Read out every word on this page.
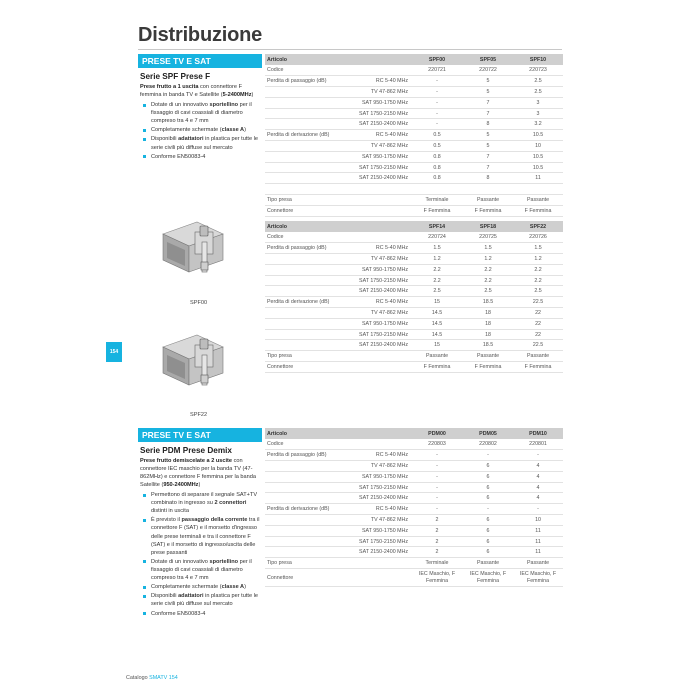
Distribuzione
154
PRESE TV E SAT
Serie SPF Prese F
Prese frutto a 1 uscita con connettore F femmina in banda TV e Satellite (5-2400MHz)
Dotate di un innovativo sportellino per il fissaggio di cavi coassiali di diametro compreso tra 4 e 7 mm
Completamente schermate (classe A)
Disponibili adattatori in plastica per tutte le serie civili più diffuse sul mercato
Conforme EN50083-4
SPF00
SPF22
PRESE TV E SAT
Serie PDM Prese Demix
Prese frutto demiscelate a 2 uscite con connettore IEC maschio per la banda TV (47-862MHz) e connettore F femmina per la banda Satellite (950-2400MHz)
Permettono di separare il segnale SAT+TV combinato in ingresso su 2 connettori distinti in uscita
È previsto il passaggio della corrente tra il connettore F (SAT) e il morsetto d'ingresso delle prese terminali e tra il connettore F (SAT) e il morsetto di ingresso/uscita delle prese passanti
Dotate di un innovativo sportellino per il fissaggio di cavi coassiali di diametro compreso tra 4 e 7 mm
Completamente schermate (classe A)
Disponibili adattatori in plastica per tutte le serie civili più diffuse sul mercato
Conforme EN50083-4
Articolo		SPF00	SPF05	SPF10
Codice		220721	220722	220723
Perdita di passaggio (dB)	RC 5-40 MHz	-	5	2.5
	TV 47-862 MHz	-	5	2.5
	SAT 950-1750 MHz	-	7	3
	SAT 1750-2150 MHz	-	7	3
	SAT 2150-2400 MHz	-	8	3.2
Perdita di derivazione (dB)	RC 5-40 MHz	0.5	5	10.5
	TV 47-862 MHz	0.5	5	10
	SAT 950-1750 MHz	0.8	7	10.5
	SAT 1750-2150 MHz	0.8	7	10.5
	SAT 2150-2400 MHz	0.8	8	11

Tipo presa		Terminale	Passante	Passante
Connettore		F Femmina	F Femmina	F Femmina
Articolo		SPF14	SPF18	SPF22
Codice		220724	220725	220726
Perdita di passaggio (dB)	RC 5-40 MHz	1.5	1.5	1.5
	TV 47-862 MHz	1.2	1.2	1.2
	SAT 950-1750 MHz	2.2	2.2	2.2
	SAT 1750-2150 MHz	2.2	2.2	2.2
	SAT 2150-2400 MHz	2.5	2.5	2.5
Perdita di derivazione (dB)	RC 5-40 MHz	15	18.5	22.5
	TV 47-862 MHz	14.5	18	22
	SAT 950-1750 MHz	14.5	18	22
	SAT 1750-2150 MHz	14.5	18	22
	SAT 2150-2400 MHz	15	18.5	22.5
Tipo presa		Passante	Passante	Passante
Connettore		F Femmina	F Femmina	F Femmina
Articolo		PDM00	PDM05	PDM10
Codice		220803	220802	220801
Perdita di passaggio (dB)	RC 5-40 MHz	-	-	-
	TV 47-862 MHz	-	6	4
	SAT 950-1750 MHz	-	6	4
	SAT 1750-2150 MHz	-	6	4
	SAT 2150-2400 MHz	-	6	4
Perdita di derivazione (dB)	RC 5-40 MHz	-	-	-
	TV 47-862 MHz	2	6	10
	SAT 950-1750 MHz	2	6	11
	SAT 1750-2150 MHz	2	6	11
	SAT 2150-2400 MHz	2	6	11
Tipo presa		Terminale	Passante	Passante
Connettore		IEC Maschio, F Femmina	IEC Maschio, F Femmina	IEC Maschio, F Femmina
Catalogo SMATV 154
